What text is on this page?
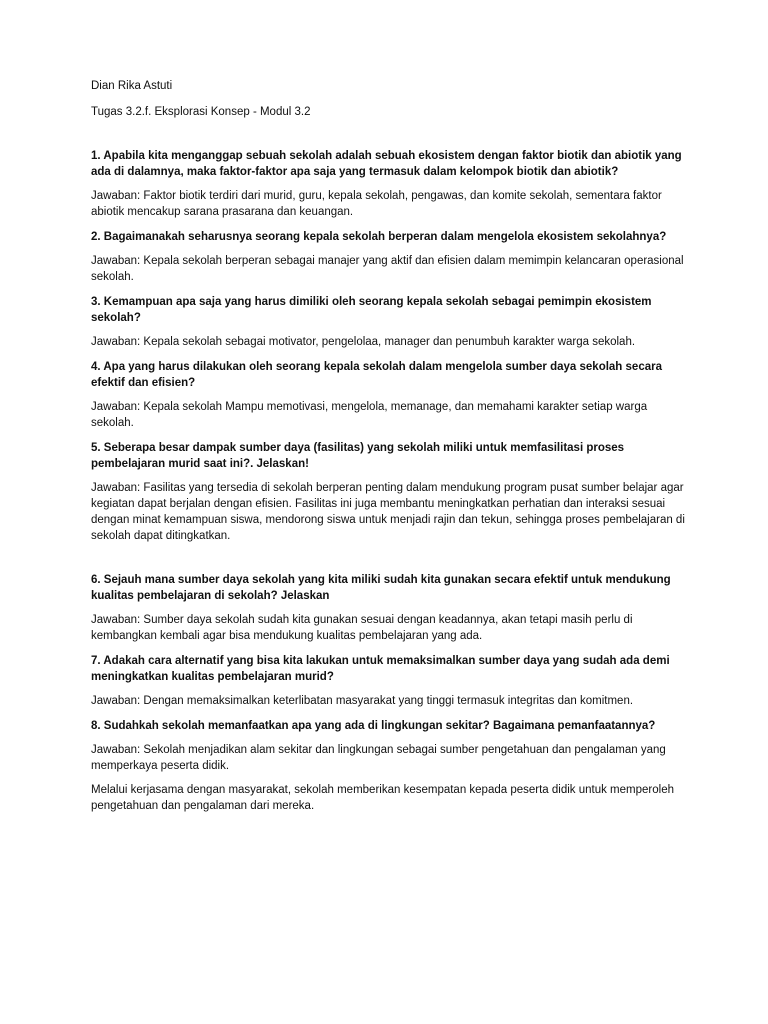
Dian Rika Astuti

Tugas 3.2.f. Eksplorasi Konsep - Modul 3.2

1. Apabila kita menganggap sebuah sekolah adalah sebuah ekosistem dengan faktor biotik dan abiotik yang ada di dalamnya, maka faktor-faktor apa saja yang termasuk dalam kelompok biotik dan abiotik?

Jawaban: Faktor biotik terdiri dari murid, guru, kepala sekolah, pengawas, dan komite sekolah, sementara faktor abiotik mencakup sarana prasarana dan keuangan.

2. Bagaimanakah seharusnya seorang kepala sekolah berperan dalam mengelola ekosistem sekolahnya?

Jawaban: Kepala sekolah berperan sebagai manajer yang aktif dan efisien dalam memimpin kelancaran operasional sekolah.

3. Kemampuan apa saja yang harus dimiliki oleh seorang kepala sekolah sebagai pemimpin ekosistem sekolah?

Jawaban: Kepala sekolah sebagai motivator, pengelolaa, manager dan penumbuh karakter warga sekolah.

4. Apa yang harus dilakukan oleh seorang kepala sekolah dalam mengelola sumber daya sekolah secara efektif dan efisien?

Jawaban: Kepala sekolah Mampu memotivasi, mengelola, memanage, dan memahami karakter setiap warga sekolah.

5. Seberapa besar dampak sumber daya (fasilitas) yang sekolah miliki untuk memfasilitasi proses pembelajaran murid saat ini?. Jelaskan!

Jawaban: Fasilitas yang tersedia di sekolah berperan penting dalam mendukung program pusat sumber belajar agar kegiatan dapat berjalan dengan efisien. Fasilitas ini juga membantu meningkatkan perhatian dan interaksi sesuai dengan minat kemampuan siswa, mendorong siswa untuk menjadi rajin dan tekun, sehingga proses pembelajaran di sekolah dapat ditingkatkan.

6. Sejauh mana sumber daya sekolah yang kita miliki sudah kita gunakan secara efektif untuk mendukung kualitas pembelajaran di sekolah? Jelaskan

Jawaban: Sumber daya sekolah sudah kita gunakan sesuai dengan keadannya, akan tetapi masih perlu di kembangkan kembali agar bisa mendukung kualitas pembelajaran yang ada.

7. Adakah cara alternatif yang bisa kita lakukan untuk memaksimalkan sumber daya yang sudah ada demi meningkatkan kualitas pembelajaran murid?

Jawaban: Dengan memaksimalkan keterlibatan masyarakat yang tinggi termasuk integritas dan komitmen.

8. Sudahkah sekolah memanfaatkan apa yang ada di lingkungan sekitar? Bagaimana pemanfaatannya?

Jawaban: Sekolah menjadikan alam sekitar dan lingkungan sebagai sumber pengetahuan dan pengalaman yang memperkaya peserta didik.

Melalui kerjasama dengan masyarakat, sekolah memberikan kesempatan kepada peserta didik untuk memperoleh pengetahuan dan pengalaman dari mereka.
